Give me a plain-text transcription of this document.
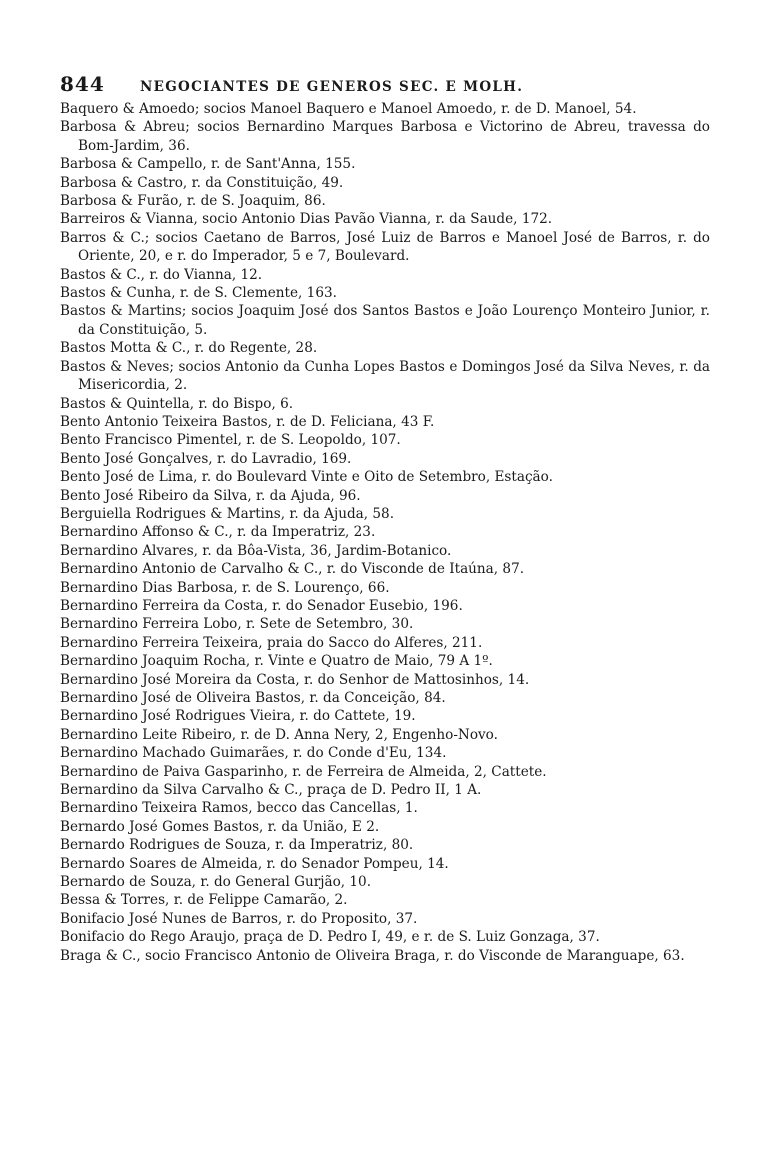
844	NEGOCIANTES DE GENEROS SEC. E MOLH.
Baquero & Amoedo; socios Manoel Baquero e Manoel Amoedo, r. de D. Manoel, 54.
Barbosa & Abreu; socios Bernardino Marques Barbosa e Victorino de Abreu, travessa do Bom-Jardim, 36.
Barbosa & Campello, r. de Sant'Anna, 155.
Barbosa & Castro, r. da Constituição, 49.
Barbosa & Furão, r. de S. Joaquim, 86.
Barreiros & Vianna, socio Antonio Dias Pavão Vianna, r. da Saude, 172.
Barros & C.; socios Caetano de Barros, José Luiz de Barros e Manoel José de Barros, r. do Oriente, 20, e r. do Imperador, 5 e 7, Boulevard.
Bastos & C., r. do Vianna, 12.
Bastos & Cunha, r. de S. Clemente, 163.
Bastos & Martins; socios Joaquim José dos Santos Bastos e João Lourenço Monteiro Junior, r. da Constituição, 5.
Bastos Motta & C., r. do Regente, 28.
Bastos & Neves; socios Antonio da Cunha Lopes Bastos e Domingos José da Silva Neves, r. da Misericordia, 2.
Bastos & Quintella, r. do Bispo, 6.
Bento Antonio Teixeira Bastos, r. de D. Feliciana, 43 F.
Bento Francisco Pimentel, r. de S. Leopoldo, 107.
Bento José Gonçalves, r. do Lavradio, 169.
Bento José de Lima, r. do Boulevard Vinte e Oito de Setembro, Estação.
Bento José Ribeiro da Silva, r. da Ajuda, 96.
Berguiella Rodrigues & Martins, r. da Ajuda, 58.
Bernardino Affonso & C., r. da Imperatriz, 23.
Bernardino Alvares, r. da Bôa-Vista, 36, Jardim-Botanico.
Bernardino Antonio de Carvalho & C., r. do Visconde de Itaúna, 87.
Bernardino Dias Barbosa, r. de S. Lourenço, 66.
Bernardino Ferreira da Costa, r. do Senador Eusebio, 196.
Bernardino Ferreira Lobo, r. Sete de Setembro, 30.
Bernardino Ferreira Teixeira, praia do Sacco do Alferes, 211.
Bernardino Joaquim Rocha, r. Vinte e Quatro de Maio, 79 A 1º.
Bernardino José Moreira da Costa, r. do Senhor de Mattosinhos, 14.
Bernardino José de Oliveira Bastos, r. da Conceição, 84.
Bernardino José Rodrigues Vieira, r. do Cattete, 19.
Bernardino Leite Ribeiro, r. de D. Anna Nery, 2, Engenho-Novo.
Bernardino Machado Guimarães, r. do Conde d'Eu, 134.
Bernardino de Paiva Gasparinho, r. de Ferreira de Almeida, 2, Cattete.
Bernardino da Silva Carvalho & C., praça de D. Pedro II, 1 A.
Bernardino Teixeira Ramos, becco das Cancellas, 1.
Bernardo José Gomes Bastos, r. da União, E 2.
Bernardo Rodrigues de Souza, r. da Imperatriz, 80.
Bernardo Soares de Almeida, r. do Senador Pompeu, 14.
Bernardo de Souza, r. do General Gurjão, 10.
Bessa & Torres, r. de Felippe Camarão, 2.
Bonifacio José Nunes de Barros, r. do Proposito, 37.
Bonifacio do Rego Araujo, praça de D. Pedro I, 49, e r. de S. Luiz Gonzaga, 37.
Braga & C., socio Francisco Antonio de Oliveira Braga, r. do Visconde de Maranguape, 63.
